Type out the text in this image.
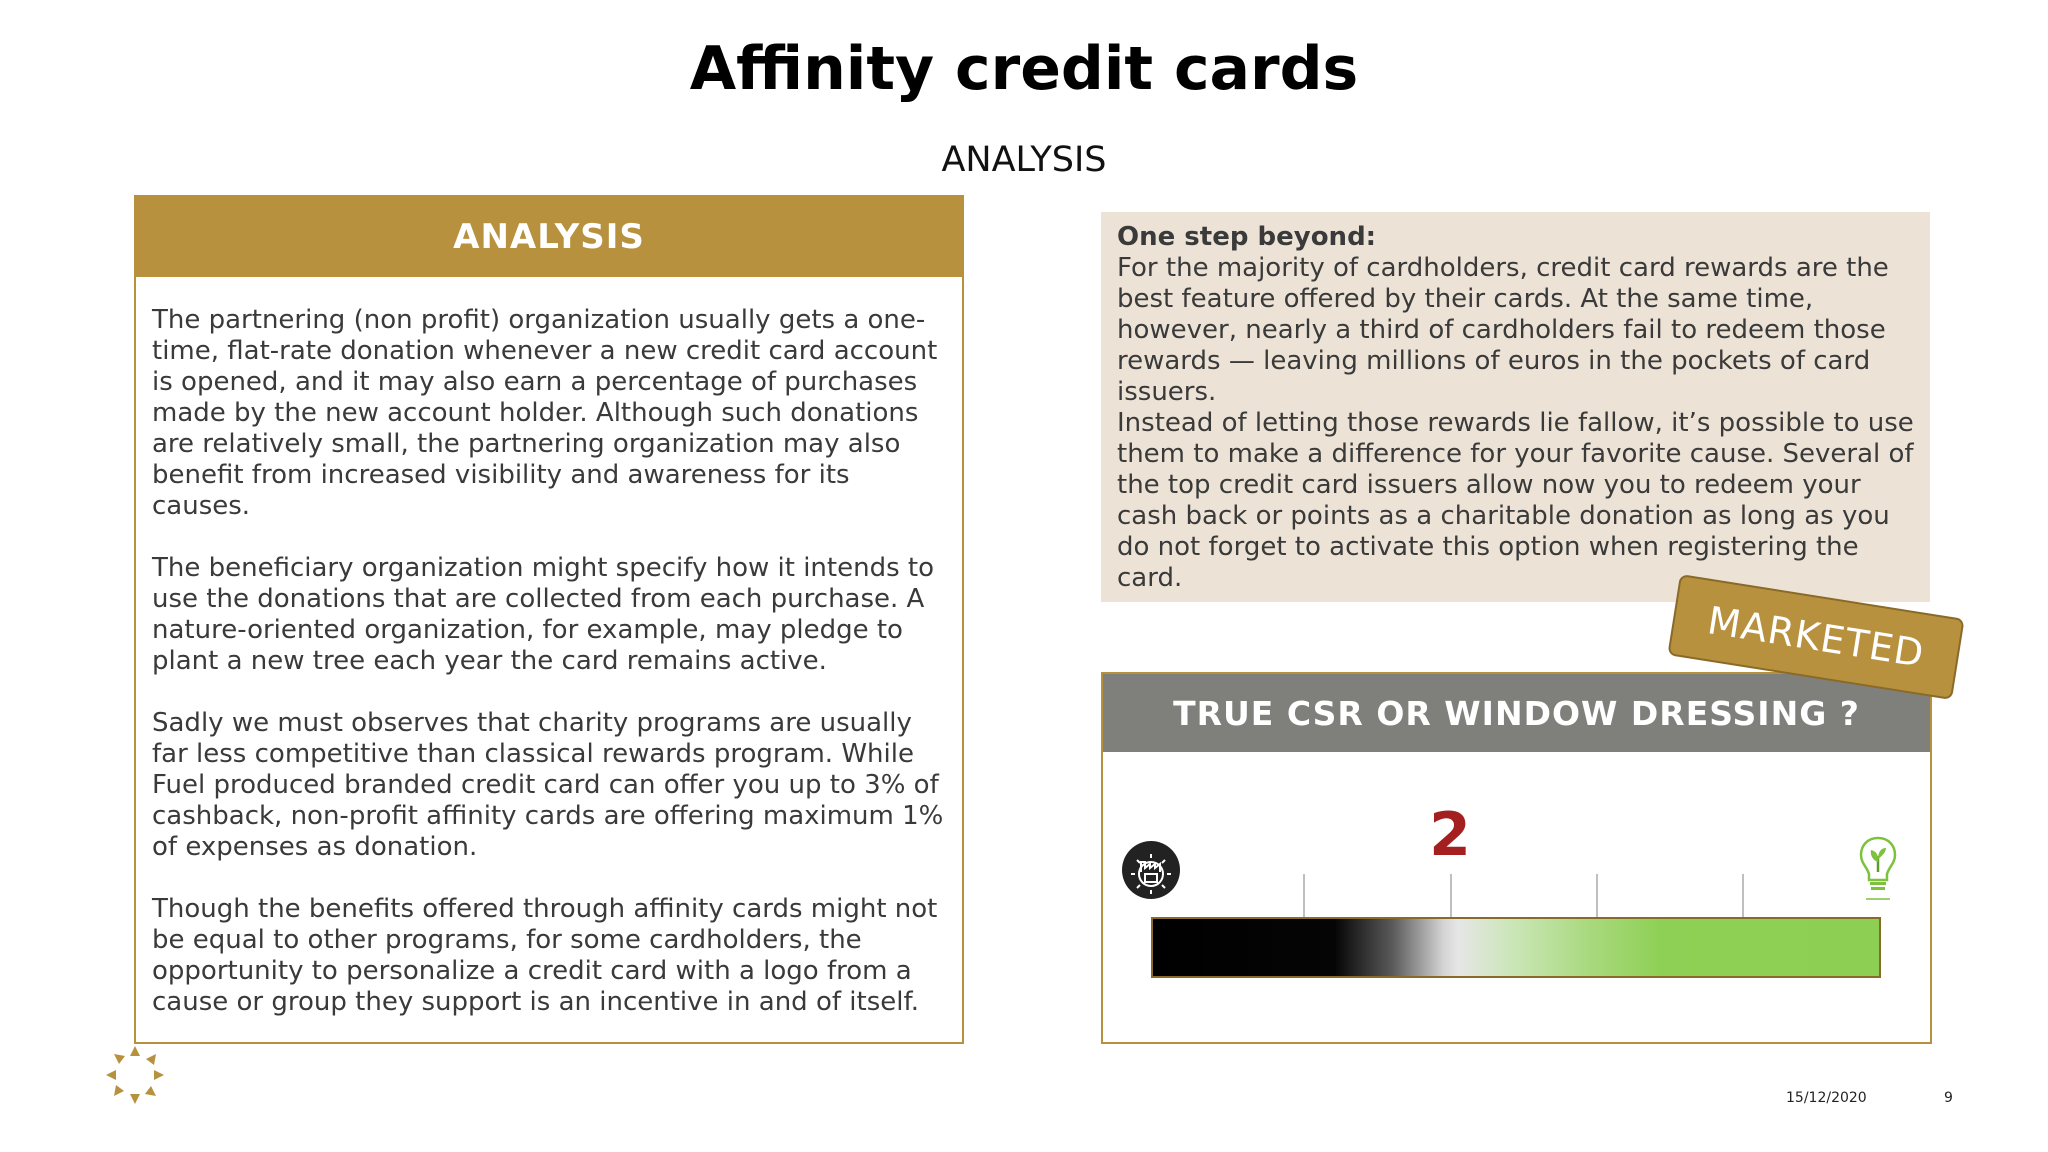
Affinity credit cards
ANALYSIS
ANALYSIS

The partnering (non profit) organization usually gets a one-time, flat-rate donation whenever a new credit card account is opened, and it may also earn a percentage of purchases made by the new account holder. Although such donations are relatively small, the partnering organization may also benefit from increased visibility and awareness for its causes.

The beneficiary organization might specify how it intends to use the donations that are collected from each purchase. A nature-oriented organization, for example, may pledge to plant a new tree each year the card remains active.

Sadly we must observes that charity programs are usually far less competitive than classical rewards program. While Fuel produced branded credit card can offer you up to 3% of cashback, non-profit affinity cards are offering maximum 1% of expenses as donation.

Though the benefits offered through affinity cards might not be equal to other programs, for some cardholders, the opportunity to personalize a credit card with a logo from a cause or group they support is an incentive in and of itself.

One step beyond:

For the majority of cardholders, credit card rewards are the best feature offered by their cards. At the same time, however, nearly a third of cardholders fail to redeem those rewards — leaving millions of euros in the pockets of card issuers.

Instead of letting those rewards lie fallow, it’s possible to use them to make a difference for your favorite cause. Several of the top credit card issuers allow now you to redeem your cash back or points as a charitable donation as long as you do not forget to activate this option when registering the card.

TRUE CSR OR WINDOW DRESSING ?
2
MARKETED
15/12/2020	9
